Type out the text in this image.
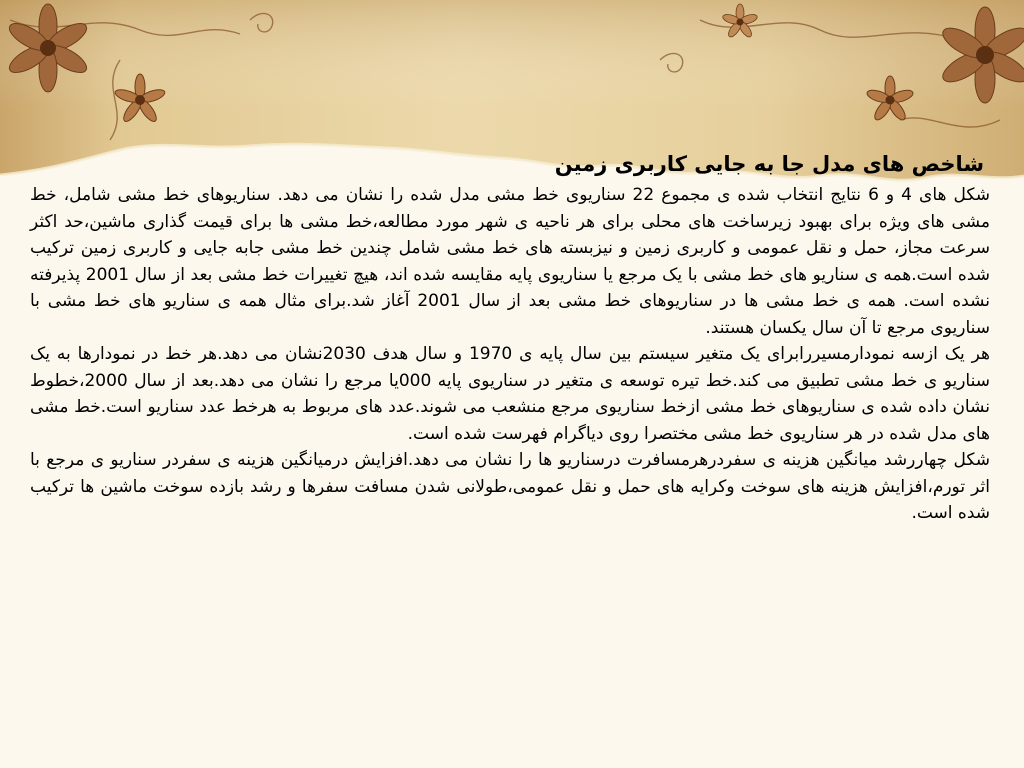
شاخص های مدل جا به جایی کاربری زمین

شکل های 4 و 6 نتایج انتخاب شده ی مجموع 22 سناریوی خط مشی مدل شده را نشان می دهد. سناریوهای خط مشی شامل، خط مشی های ویژه برای بهبود زیرساخت های محلی برای هر ناحیه ی شهر مورد مطالعه،خط مشی ها برای قیمت گذاری ماشین،حد اکثر سرعت مجاز، حمل و نقل عمومی و کاربری زمین و نیزبسته های خط مشی شامل چندین خط مشی جابه جایی و کاربری زمین ترکیب شده است.همه ی سناریو های خط مشی با یک مرجع یا سناریوی پایه مقایسه شده اند، هیچ تغییرات خط مشی بعد از سال 2001 پذیرفته نشده است. همه ی خط مشی ها در سناریوهای خط مشی بعد از سال 2001 آغاز شد.برای مثال همه ی سناریو های خط مشی با سناریوی مرجع تا آن سال یکسان هستند.

هر یک ازسه نمودارمسیررابرای یک متغیر سیستم بین سال پایه ی 1970 و سال هدف 2030نشان می دهد.هر خط در نمودارها به یک سناریو ی خط مشی تطبیق می کند.خط تیره توسعه ی متغیر در سناریوی پایه 000یا مرجع را نشان می دهد.بعد از سال 2000،خطوط نشان داده شده ی سناریوهای خط مشی ازخط سناریوی مرجع منشعب می شوند.عدد های مربوط به هرخط عدد سناریو است.خط مشی های مدل شده در هر سناریوی خط مشی مختصرا روی دیاگرام فهرست شده است.

شکل چهاررشد میانگین هزینه ی سفردرهرمسافرت درسناریو ها را نشان می دهد.افزایش درمیانگین هزینه ی سفردر سناریو ی مرجع با اثر تورم،افزایش هزینه های سوخت وکرایه های حمل و نقل عمومی،طولانی شدن مسافت سفرها و رشد بازده سوخت ماشین ها ترکیب شده است.
